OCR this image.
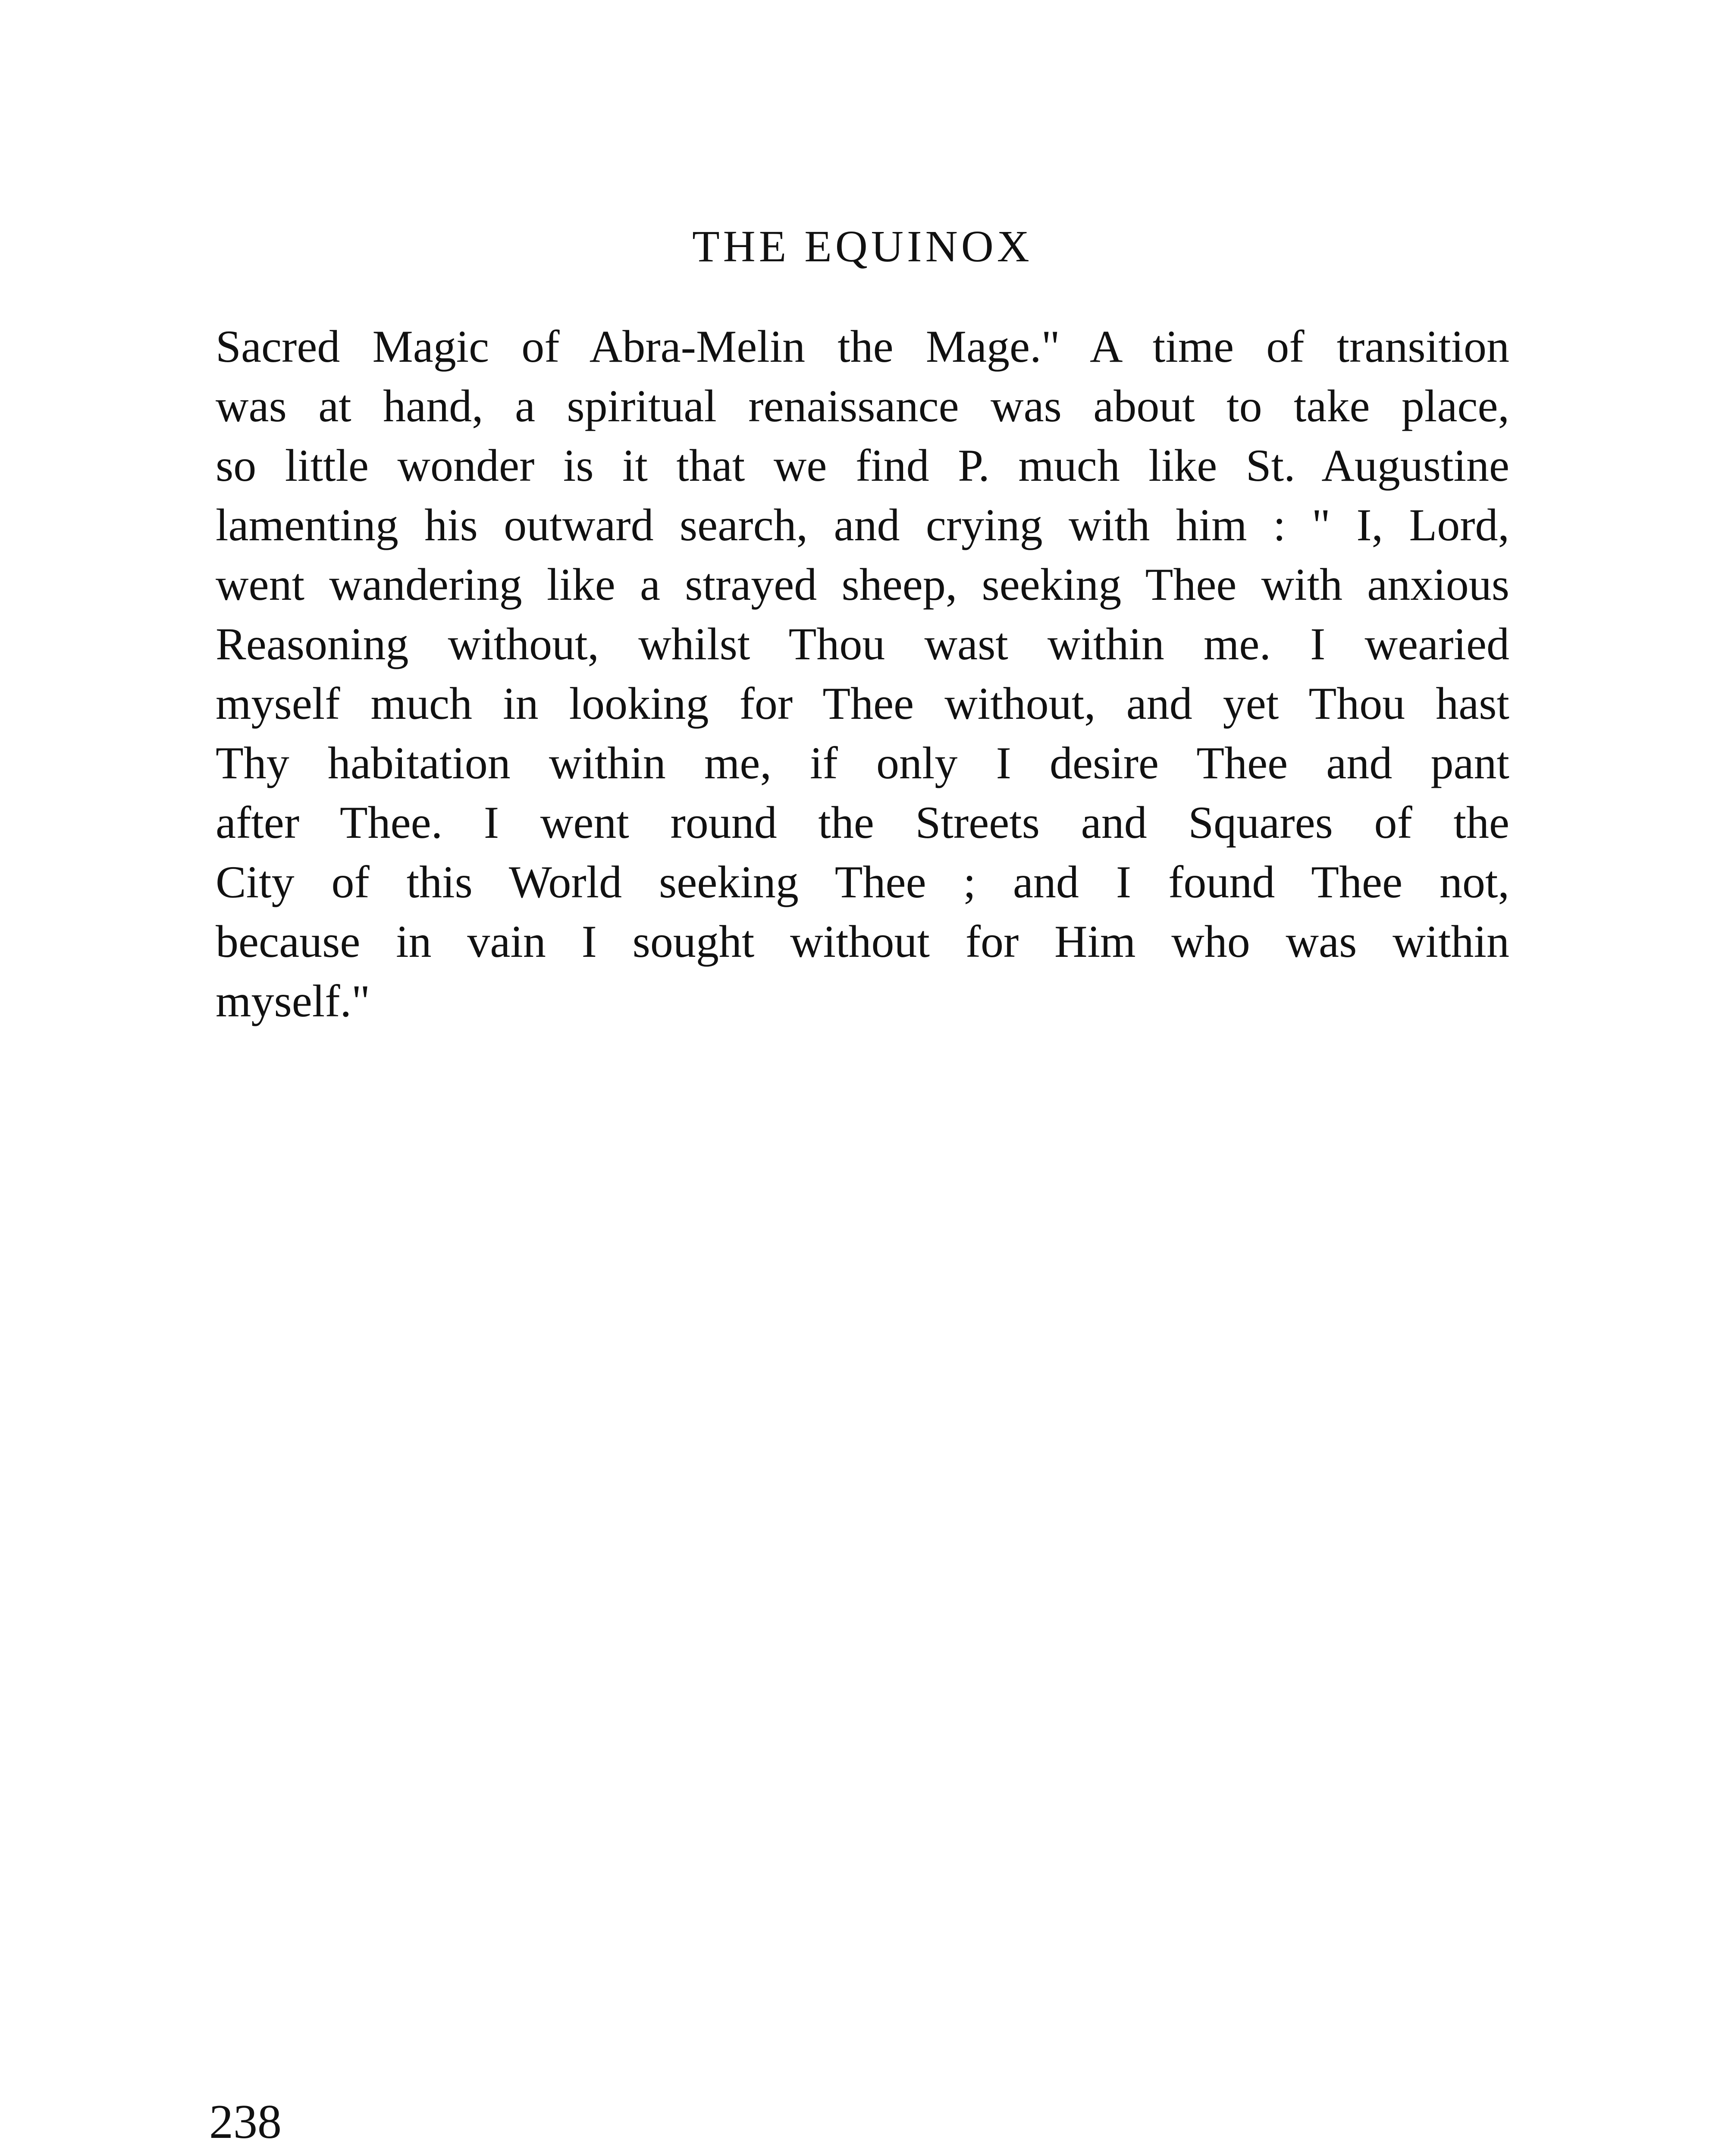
THE EQUINOX
Sacred Magic of Abra-Melin the Mage." A time of transition
was at hand, a spiritual renaissance was about to take place,
so little wonder is it that we find P. much like St. Augustine
lamenting his outward search, and crying with him : " I, Lord,
went wandering like a strayed sheep, seeking Thee with anxious
Reasoning without, whilst Thou wast within me. I wearied
myself much in looking for Thee without, and yet Thou hast
Thy habitation within me, if only I desire Thee and pant
after Thee. I went round the Streets and Squares of the
City of this World seeking Thee ; and I found Thee not,
because in vain I sought without for Him who was within
myself."

238
